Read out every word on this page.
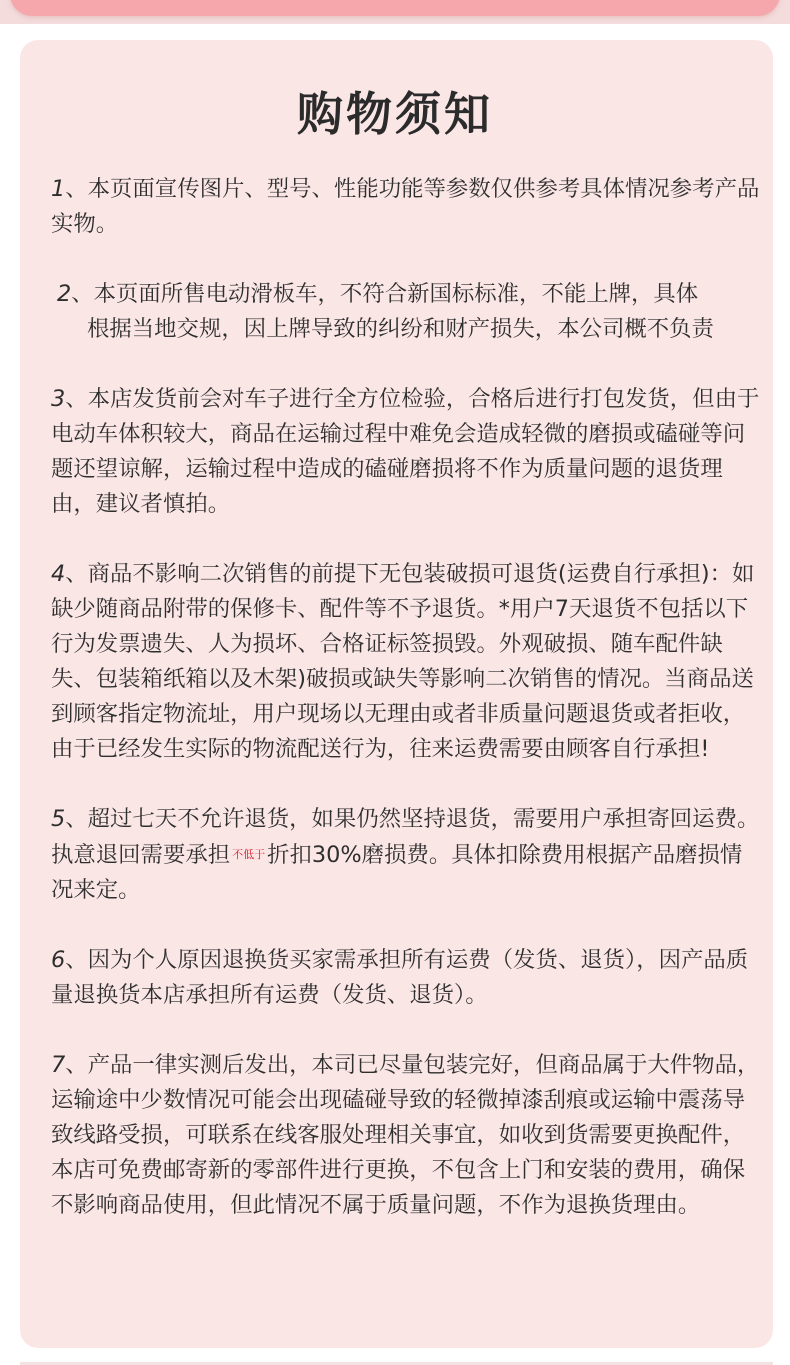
购物须知

1、本页面宣传图片、型号、性能功能等参数仅供参考具体情况参考产品实物。

2、本页面所售电动滑板车，不符合新国标标准，不能上牌，具体
根据当地交规，因上牌导致的纠纷和财产损失，本公司概不负责

3、本店发货前会对车子进行全方位检验，合格后进行打包发货，但由于电动车体积较大，商品在运输过程中难免会造成轻微的磨损或磕碰等问题还望谅解，运输过程中造成的磕碰磨损将不作为质量问题的退货理由，建议者慎拍。

4、商品不影响二次销售的前提下无包装破损可退货(运费自行承担)：如缺少随商品附带的保修卡、配件等不予退货。*用户7天退货不包括以下行为发票遗失、人为损坏、合格证标签损毁。外观破损、随车配件缺失、包装箱纸箱以及木架)破损或缺失等影响二次销售的情况。当商品送到顾客指定物流址，用户现场以无理由或者非质量问题退货或者拒收，由于已经发生实际的物流配送行为，往来运费需要由顾客自行承担!

5、超过七天不允许退货，如果仍然坚持退货，需要用户承担寄回运费。执意退回需要承担 不低于折扣30%磨损费。具体扣除费用根据产品磨损情况来定。

6、因为个人原因退换货买家需承担所有运费（发货、退货），因产品质量退换货本店承担所有运费（发货、退货）。

7、产品一律实测后发出，本司已尽量包装完好，但商品属于大件物品，运输途中少数情况可能会出现磕碰导致的轻微掉漆刮痕或运输中震荡导致线路受损，可联系在线客服处理相关事宜，如收到货需要更换配件，本店可免费邮寄新的零部件进行更换，不包含上门和安装的费用，确保不影响商品使用，但此情况不属于质量问题，不作为退换货理由。
